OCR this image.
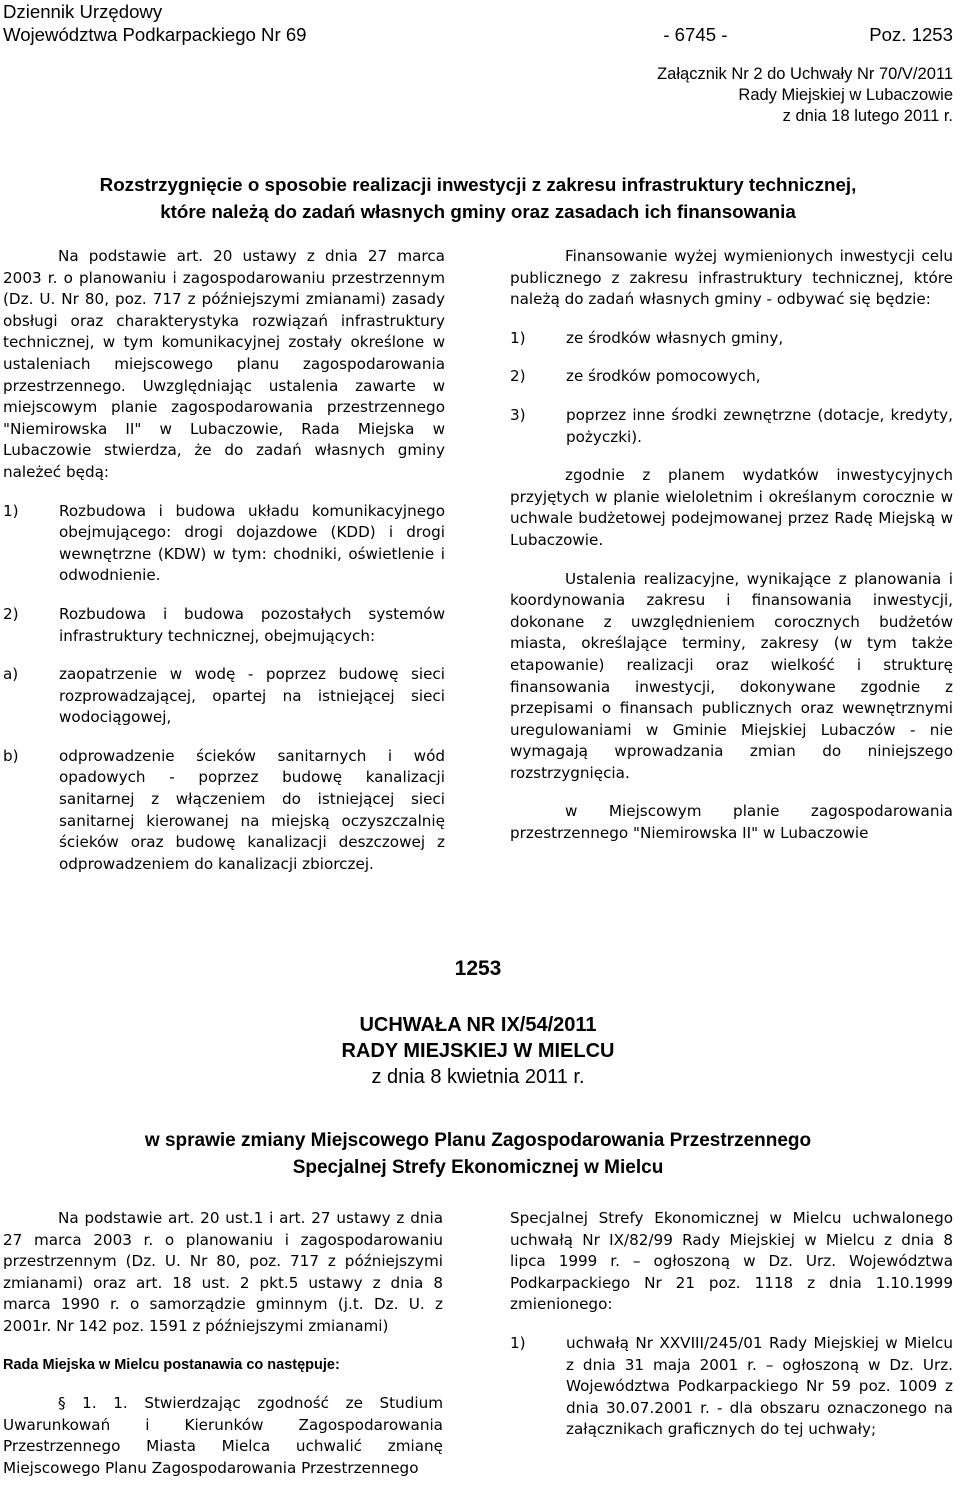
Dziennik Urzędowy
Województwa Podkarpackiego Nr 69	- 6745 -	Poz. 1253
Załącznik Nr 2 do Uchwały Nr 70/V/2011
Rady Miejskiej w Lubaczowie
z dnia 18 lutego 2011 r.
Rozstrzygnięcie o sposobie realizacji inwestycji z zakresu infrastruktury technicznej,
które należą do zadań własnych gminy oraz zasadach ich finansowania

Na podstawie art. 20 ustawy z dnia 27 marca 2003 r. o planowaniu i zagospodarowaniu przestrzennym (Dz. U. Nr 80, poz. 717 z późniejszymi zmianami) zasady obsługi oraz charakterystyka rozwiązań infrastruktury technicznej, w tym komunikacyjnej zostały określone w ustaleniach miejscowego planu zagospodarowania przestrzennego. Uwzględniając ustalenia zawarte w miejscowym planie zagospodarowania przestrzennego "Niemirowska II" w Lubaczowie, Rada Miejska w Lubaczowie stwierdza, że do zadań własnych gminy należeć będą:

1)	Rozbudowa i budowa układu komunikacyjnego obejmującego: drogi dojazdowe (KDD) i drogi wewnętrzne (KDW) w tym: chodniki, oświetlenie i odwodnienie.
2)	Rozbudowa i budowa pozostałych systemów infrastruktury technicznej, obejmujących:
a)	zaopatrzenie w wodę - poprzez budowę sieci rozprowadzającej, opartej na istniejącej sieci wodociągowej,
b)	odprowadzenie ścieków sanitarnych i wód opadowych - poprzez budowę kanalizacji sanitarnej z włączeniem do istniejącej sieci sanitarnej kierowanej na miejską oczyszczalnię ścieków oraz budowę kanalizacji deszczowej z odprowadzeniem do kanalizacji zbiorczej.

Finansowanie wyżej wymienionych inwestycji celu publicznego z zakresu infrastruktury technicznej, które należą do zadań własnych gminy - odbywać się będzie:

1)	ze środków własnych gminy,
2)	ze środków pomocowych,
3)	poprzez inne środki zewnętrzne (dotacje, kredyty, pożyczki).

zgodnie z planem wydatków inwestycyjnych przyjętych w planie wieloletnim i określanym corocznie w uchwale budżetowej podejmowanej przez Radę Miejską w Lubaczowie.

Ustalenia realizacyjne, wynikające z planowania i koordynowania zakresu i finansowania inwestycji, dokonane z uwzględnieniem corocznych budżetów miasta, określające terminy, zakresy (w tym także etapowanie) realizacji oraz wielkość i strukturę finansowania inwestycji, dokonywane zgodnie z przepisami o finansach publicznych oraz wewnętrznymi uregulowaniami w Gminie Miejskiej Lubaczów - nie wymagają wprowadzania zmian do niniejszego rozstrzygnięcia.

w Miejscowym planie zagospodarowania przestrzennego "Niemirowska II" w Lubaczowie

1253
UCHWAŁA NR IX/54/2011
RADY MIEJSKIEJ W MIELCU
z dnia 8 kwietnia 2011 r.
w sprawie zmiany Miejscowego Planu Zagospodarowania Przestrzennego
Specjalnej Strefy Ekonomicznej w Mielcu

Na podstawie art. 20 ust.1 i art. 27 ustawy z dnia 27 marca 2003 r. o planowaniu i zagospodarowaniu przestrzennym (Dz. U. Nr 80, poz. 717 z późniejszymi zmianami) oraz art. 18 ust. 2 pkt.5 ustawy z dnia 8 marca 1990 r. o samorządzie gminnym (j.t. Dz. U. z 2001r. Nr 142 poz. 1591 z późniejszymi zmianami)

Rada Miejska w Mielcu postanawia co następuje:

§ 1. 1. Stwierdzając zgodność ze Studium Uwarunkowań i Kierunków Zagospodarowania Przestrzennego Miasta Mielca uchwalić zmianę Miejscowego Planu Zagospodarowania Przestrzennego

Specjalnej Strefy Ekonomicznej w Mielcu uchwalonego uchwałą Nr IX/82/99 Rady Miejskiej w Mielcu z dnia 8 lipca 1999 r. – ogłoszoną w Dz. Urz. Województwa Podkarpackiego Nr 21 poz. 1118 z dnia 1.10.1999 zmienionego:

1)	uchwałą Nr XXVIII/245/01 Rady Miejskiej w Mielcu z dnia 31 maja 2001 r. – ogłoszoną w Dz. Urz. Województwa Podkarpackiego Nr 59 poz. 1009 z dnia 30.07.2001 r. - dla obszaru oznaczonego na załącznikach graficznych do tej uchwały;
